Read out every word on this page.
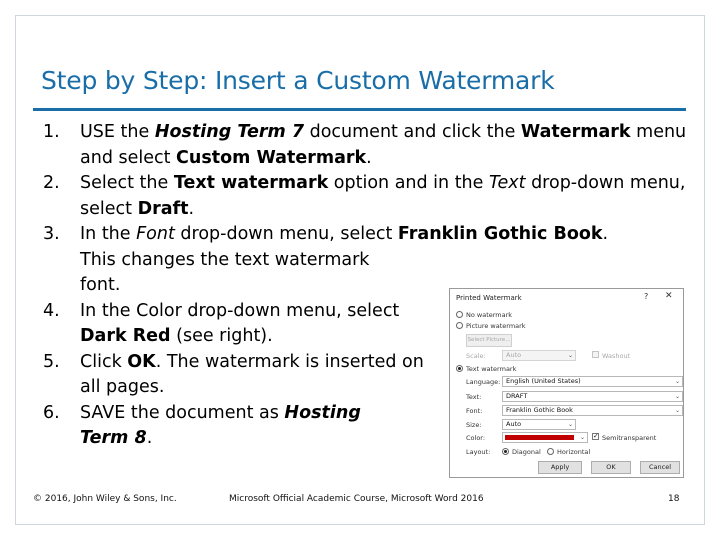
Step by Step: Insert a Custom Watermark
1. USE the Hosting Term 7 document and click the Watermark menu and select Custom Watermark.
2. Select the Text watermark option and in the Text drop-down menu, select Draft.
3. In the Font drop-down menu, select Franklin Gothic Book.
This changes the text watermark font.
4. In the Color drop-down menu, select Dark Red (see right).
5. Click OK. The watermark is inserted on all pages.
6. SAVE the document as Hosting Term 8.
Printed Watermark	? ✕
No watermark
Picture watermark
Select Picture...
Scale:	Auto	⌄	Washout
Text watermark
Language: English (United States)	⌄
Text:	DRAFT	⌄
Font:	Franklin Gothic Book	⌄
Size:	Auto	⌄
Color:	⌄ ✓ Semitransparent
Layout:	Diagonal Horizontal
Apply	OK	Cancel
© 2016, John Wiley & Sons, Inc.	Microsoft Official Academic Course, Microsoft Word 2016	18
